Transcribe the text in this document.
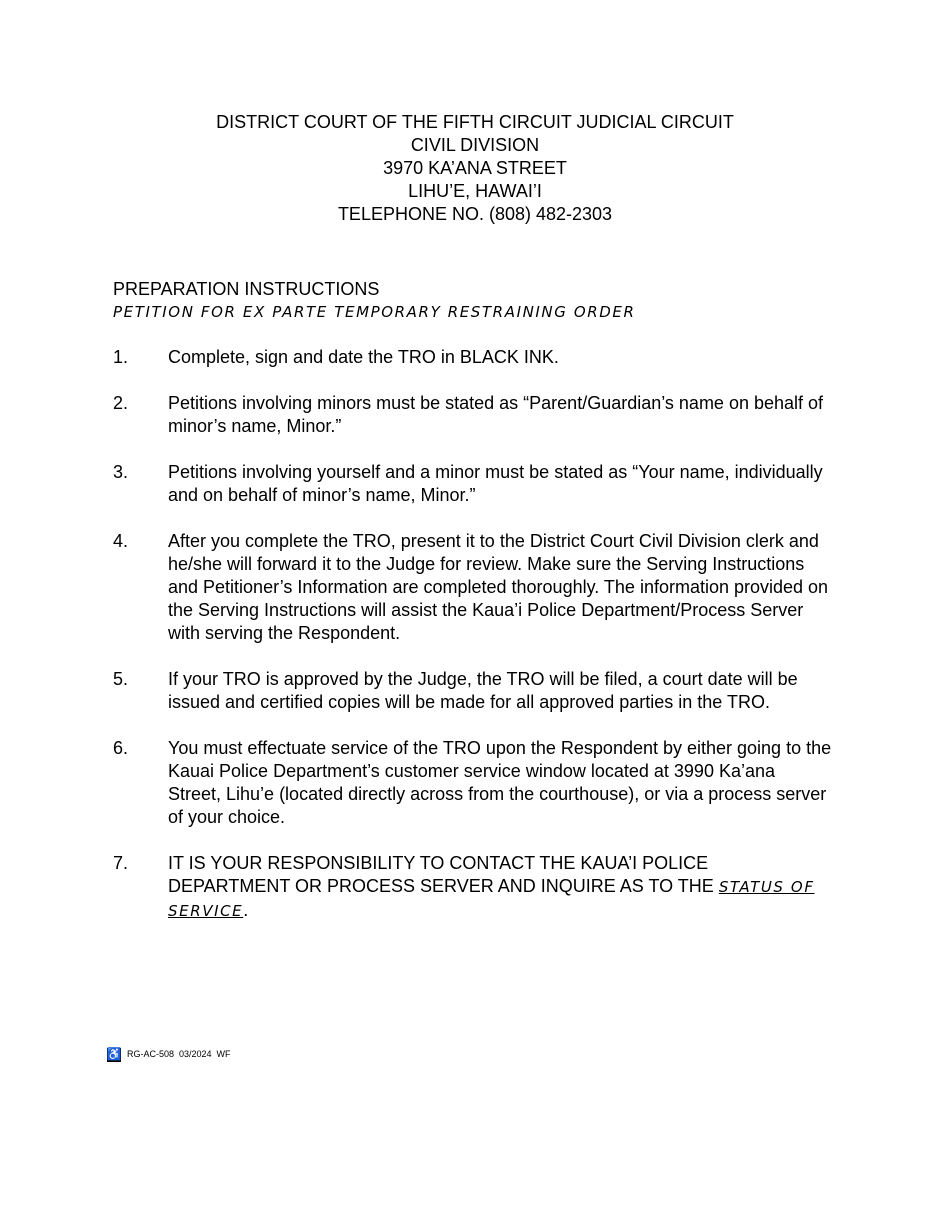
DISTRICT COURT OF THE FIFTH CIRCUIT JUDICIAL CIRCUIT
CIVIL DIVISION
3970 KA’ANA STREET
LIHU’E, HAWAI’I
TELEPHONE NO. (808) 482-2303
PREPARATION INSTRUCTIONS
PETITION FOR EX PARTE TEMPORARY RESTRAINING ORDER
1.	Complete, sign and date the TRO in BLACK INK.
2.	Petitions involving minors must be stated as “Parent/Guardian’s name on behalf of minor’s name, Minor.”
3.	Petitions involving yourself and a minor must be stated as “Your name, individually and on behalf of minor’s name, Minor.”
4.	After you complete the TRO, present it to the District Court Civil Division clerk and he/she will forward it to the Judge for review. Make sure the Serving Instructions and Petitioner’s Information are completed thoroughly. The information provided on the Serving Instructions will assist the Kaua’i Police Department/Process Server with serving the Respondent.
5.	If your TRO is approved by the Judge, the TRO will be filed, a court date will be issued and certified copies will be made for all approved parties in the TRO.
6.	You must effectuate service of the TRO upon the Respondent by either going to the Kauai Police Department’s customer service window located at 3990 Ka’ana Street, Lihu’e (located directly across from the courthouse), or via a process server of your choice.
7.	IT IS YOUR RESPONSIBILITY TO CONTACT THE KAUA’I POLICE DEPARTMENT OR PROCESS SERVER AND INQUIRE AS TO THE STATUS OF SERVICE.
♿ RG-AC-508  03/2024  WF
